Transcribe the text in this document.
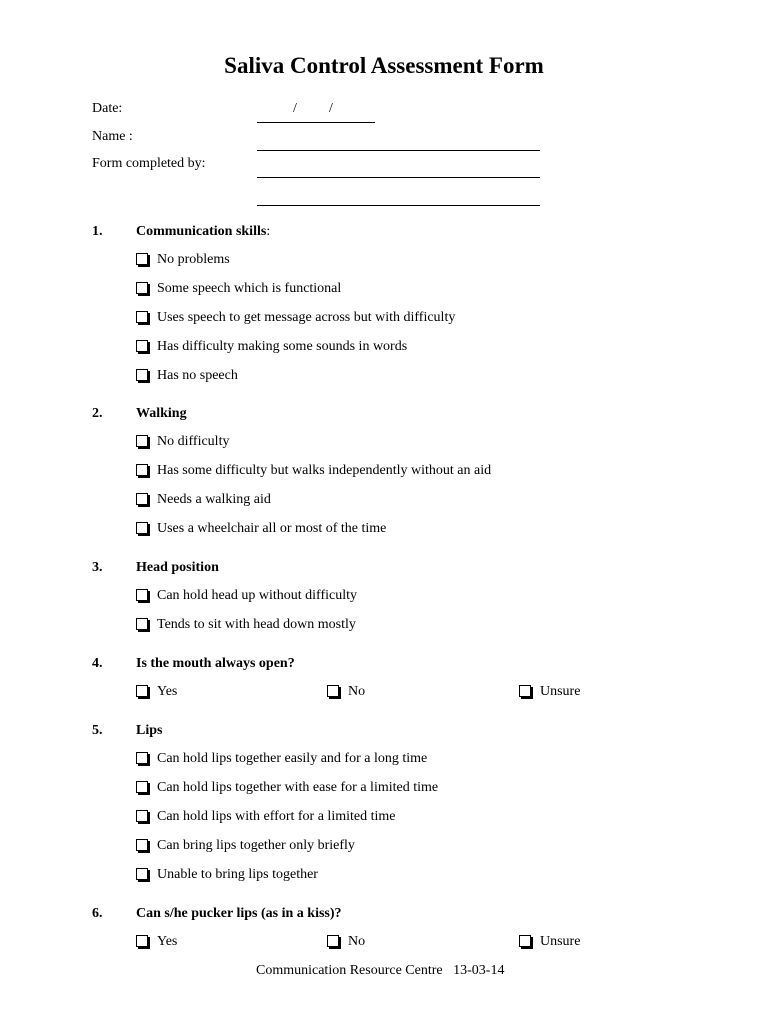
Saliva Control Assessment Form
Date:	/ /
Name :
Form completed by:
1. Communication skills:
No problems
Some speech which is functional
Uses speech to get message across but with difficulty
Has difficulty making some sounds in words
Has no speech
2. Walking
No difficulty
Has some difficulty but walks independently without an aid
Needs a walking aid
Uses a wheelchair all or most of the time
3. Head position
Can hold head up without difficulty
Tends to sit with head down mostly
4. Is the mouth always open?
Yes	No	Unsure
5. Lips
Can hold lips together easily and for a long time
Can hold lips together with ease for a limited time
Can hold lips with effort for a limited time
Can bring lips together only briefly
Unable to bring lips together
6. Can s/he pucker lips (as in a kiss)?
Yes	No	Unsure
Communication Resource Centre 13-03-14
